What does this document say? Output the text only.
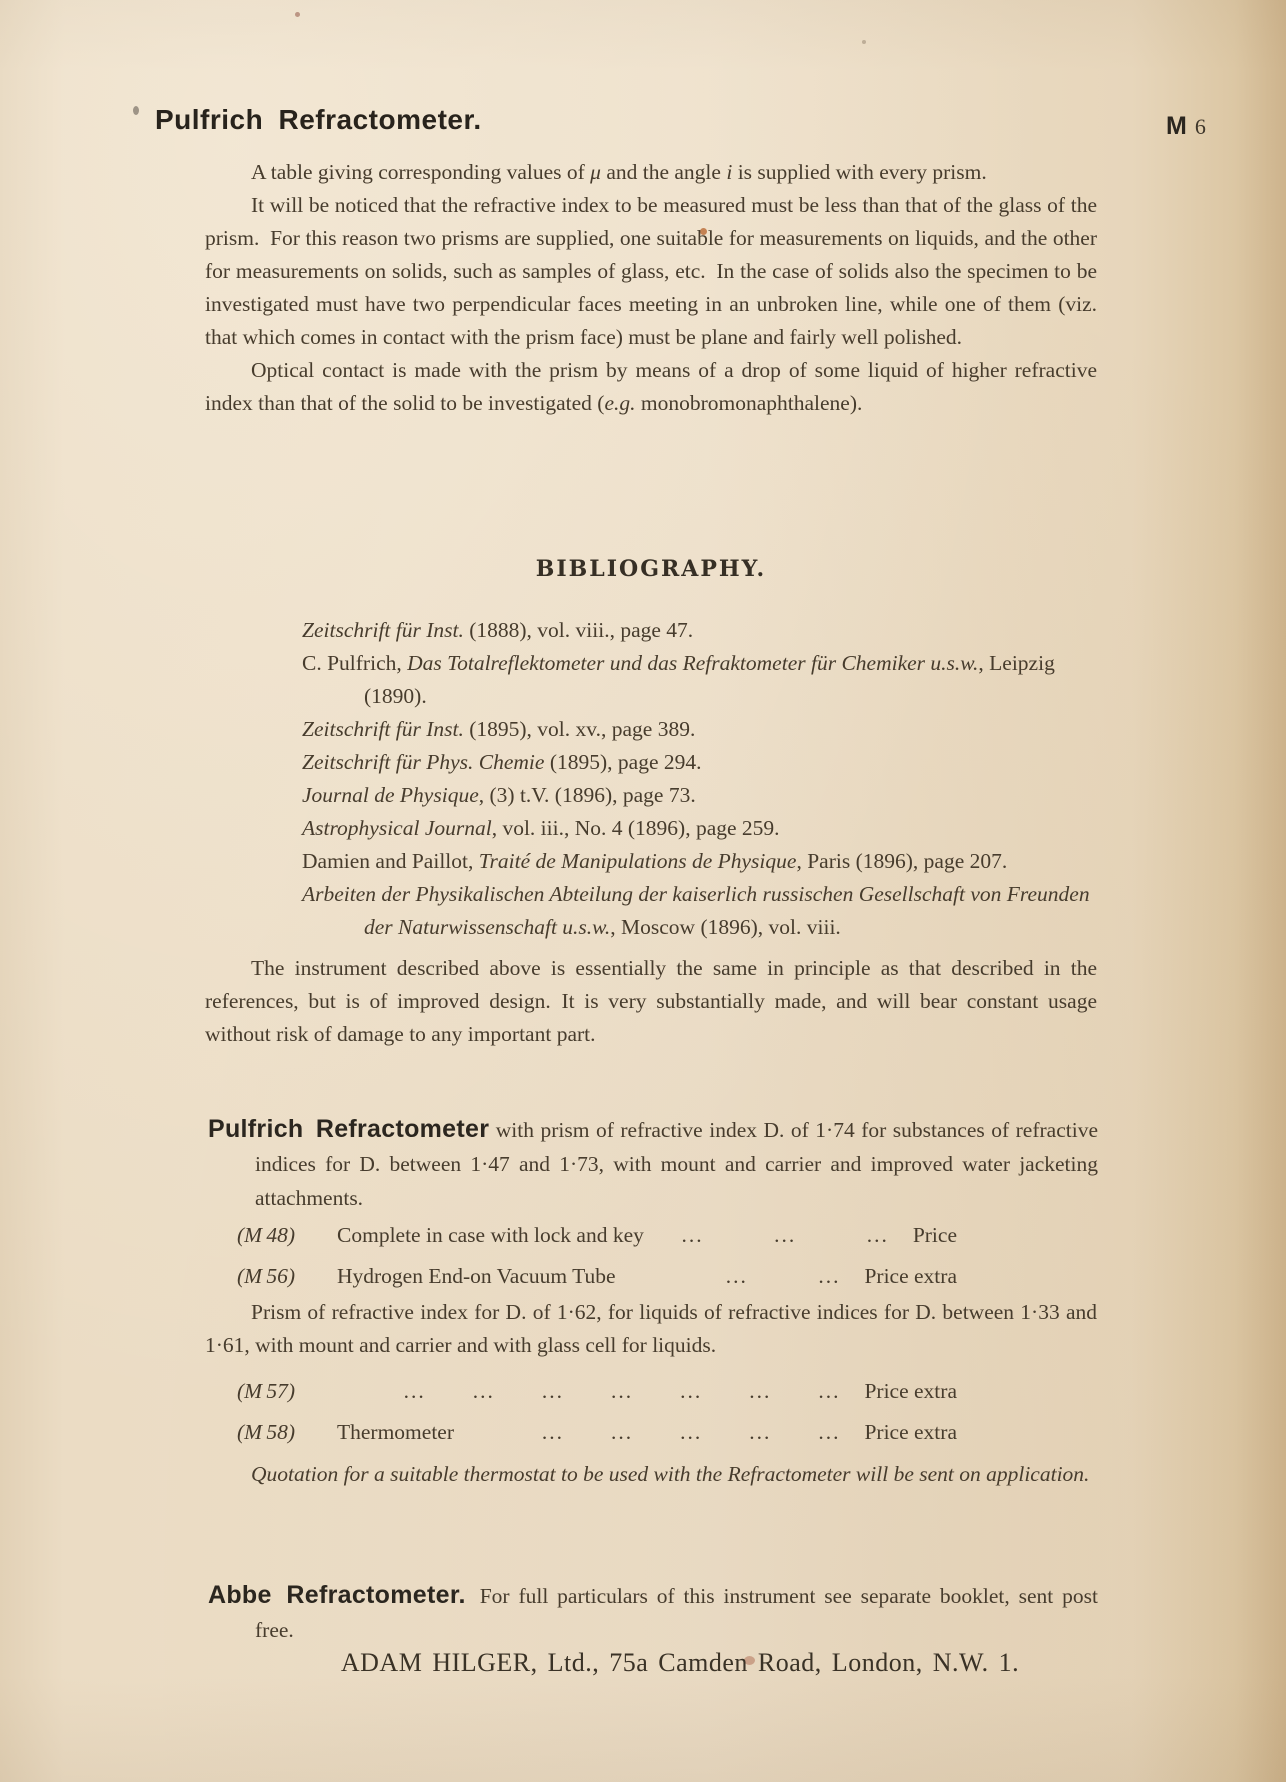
Pulfrich Refractometer.	M 6

A table giving corresponding values of μ and the angle i is supplied with every prism.

It will be noticed that the refractive index to be measured must be less than that of the glass of the prism. For this reason two prisms are supplied, one suitable for measurements on liquids, and the other for measurements on solids, such as samples of glass, etc. In the case of solids also the specimen to be investigated must have two perpendicular faces meeting in an unbroken line, while one of them (viz. that which comes in contact with the prism face) must be plane and fairly well polished.

Optical contact is made with the prism by means of a drop of some liquid of higher refractive index than that of the solid to be investigated (e.g. monobromonaphthalene).

BIBLIOGRAPHY.
Zeitschrift für Inst. (1888), vol. viii., page 47.
C. Pulfrich, Das Totalreflektometer und das Refraktometer für Chemiker u.s.w., Leipzig (1890).
Zeitschrift für Inst. (1895), vol. xv., page 389.
Zeitschrift für Phys. Chemie (1895), page 294.
Journal de Physique, (3) t.V. (1896), page 73.
Astrophysical Journal, vol. iii., No. 4 (1896), page 259.
Damien and Paillot, Traité de Manipulations de Physique, Paris (1896), page 207.
Arbeiten der Physikalischen Abteilung der kaiserlich russischen Gesellschaft von Freunden der Naturwissenschaft u.s.w., Moscow (1896), vol. viii.

The instrument described above is essentially the same in principle as that described in the references, but is of improved design. It is very substantially made, and will bear constant usage without risk of damage to any important part.

Pulfrich Refractometer with prism of refractive index D. of 1·74 for substances of refractive indices for D. between 1·47 and 1·73, with mount and carrier and improved water jacketing attachments.
(M 48)	Complete in case with lock and key	...   ...   ...	Price
(M 56)	Hydrogen End-on Vacuum Tube	...   ...	Price extra

Prism of refractive index for D. of 1·62, for liquids of refractive indices for D. between 1·33 and 1·61, with mount and carrier and with glass cell for liquids.

(M 57)	...  ...  ...  ...  ...  ...  ...	Price extra
(M 58)	Thermometer	...  ...  ...  ...  ...	Price extra

Quotation for a suitable thermostat to be used with the Refractometer will be sent on application.

Abbe Refractometer. For full particulars of this instrument see separate booklet, sent post free.
ADAM HILGER, Ltd., 75a Camden Road, London, N.W. 1.
